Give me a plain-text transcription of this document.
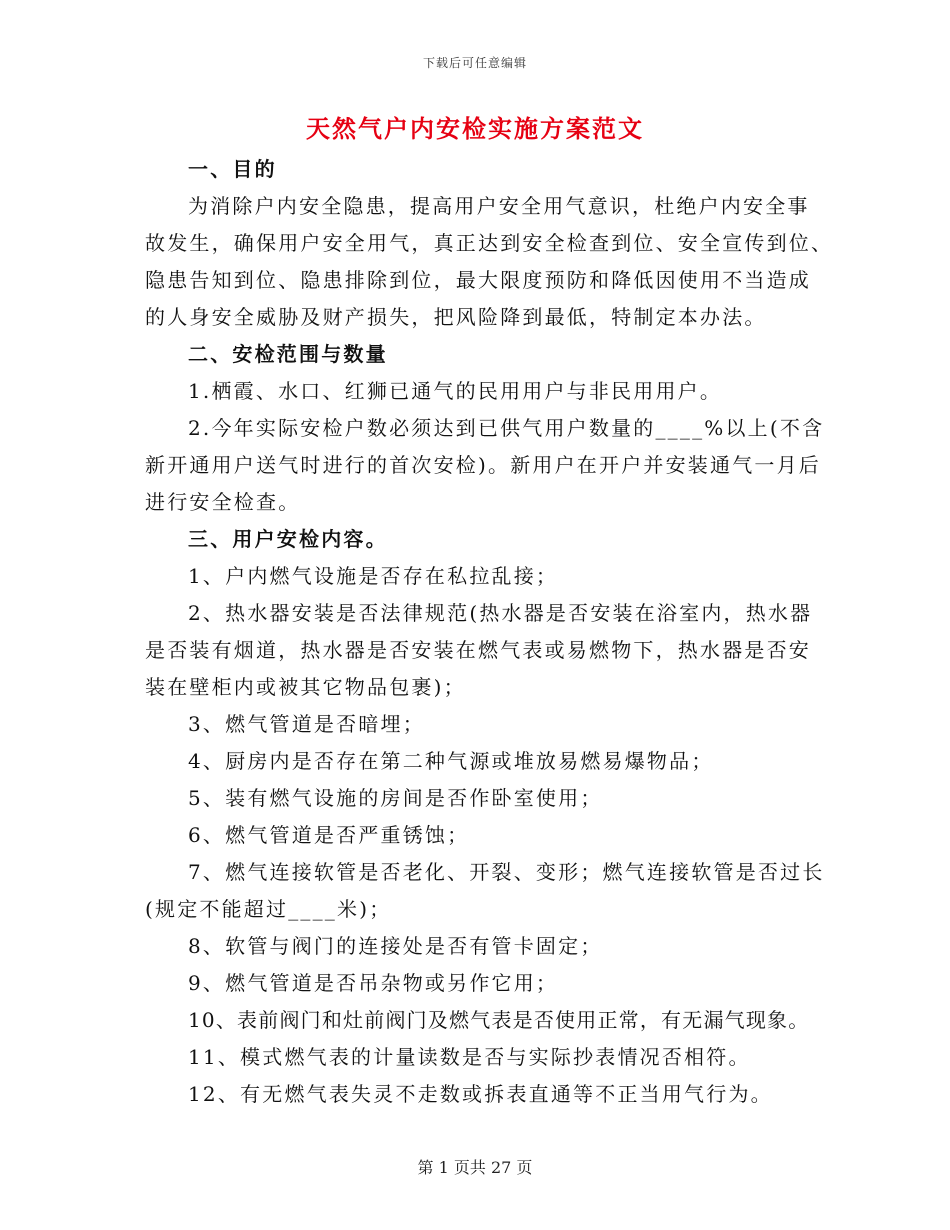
下载后可任意编辑
天然气户内安检实施方案范文
一、目的
为消除户内安全隐患，提高用户安全用气意识，杜绝户内安全事
故发生，确保用户安全用气，真正达到安全检查到位、安全宣传到位、
隐患告知到位、隐患排除到位，最大限度预防和降低因使用不当造成
的人身安全威胁及财产损失，把风险降到最低，特制定本办法。
二、安检范围与数量
1.栖霞、水口、红狮已通气的民用用户与非民用用户。
2.今年实际安检户数必须达到已供气用户数量的____%以上(不含
新开通用户送气时进行的首次安检)。新用户在开户并安装通气一月后
进行安全检查。
三、用户安检内容。
1、户内燃气设施是否存在私拉乱接；
2、热水器安装是否法律规范(热水器是否安装在浴室内，热水器
是否装有烟道，热水器是否安装在燃气表或易燃物下，热水器是否安
装在壁柜内或被其它物品包裹)；
3、燃气管道是否暗埋；
4、厨房内是否存在第二种气源或堆放易燃易爆物品；
5、装有燃气设施的房间是否作卧室使用；
6、燃气管道是否严重锈蚀；
7、燃气连接软管是否老化、开裂、变形；燃气连接软管是否过长
(规定不能超过____米)；
8、软管与阀门的连接处是否有管卡固定；
9、燃气管道是否吊杂物或另作它用；
10、表前阀门和灶前阀门及燃气表是否使用正常，有无漏气现象。
11、模式燃气表的计量读数是否与实际抄表情况否相符。
12、有无燃气表失灵不走数或拆表直通等不正当用气行为。
第 1 页共 27 页
